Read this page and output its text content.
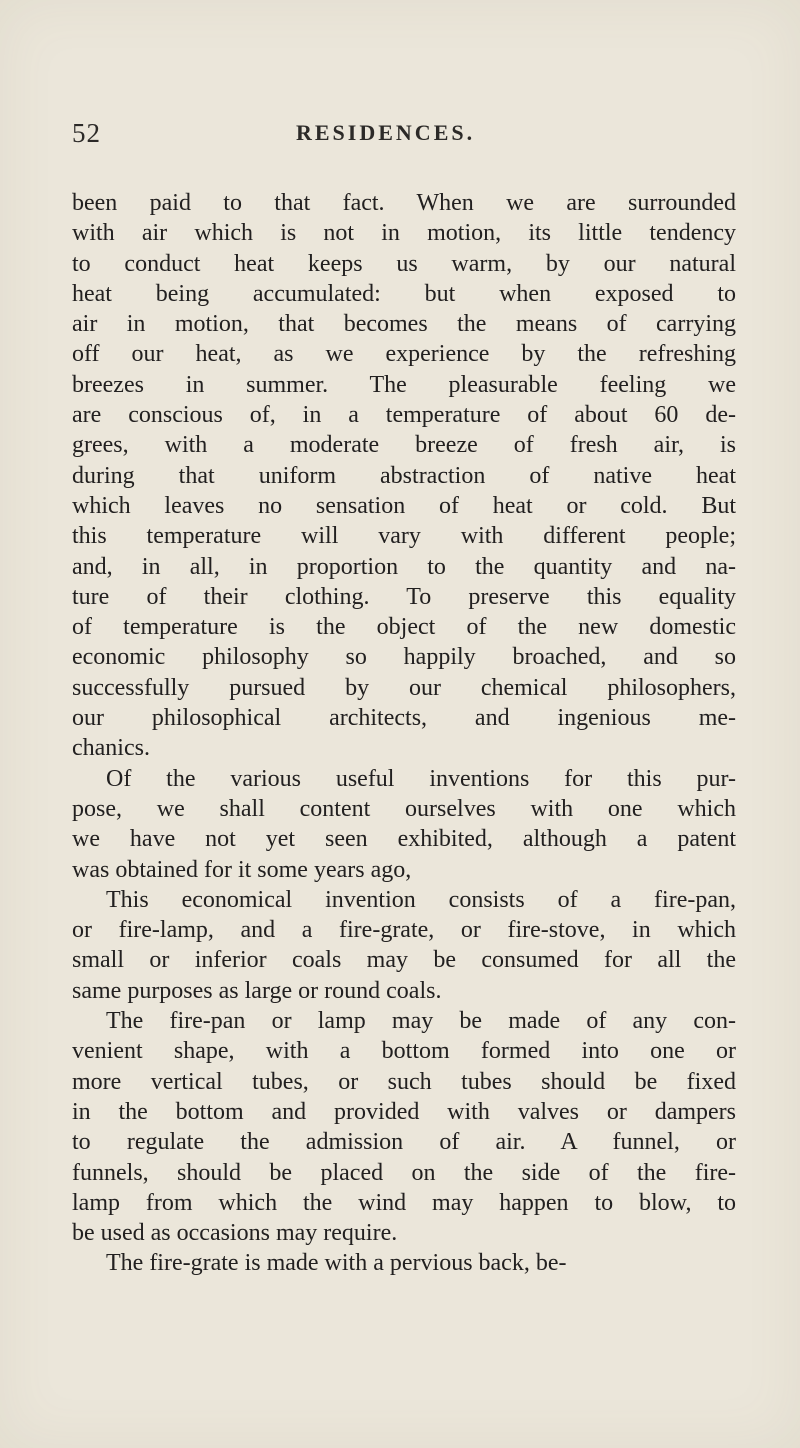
52	RESIDENCES.
been paid to that fact. When we are surrounded
with air which is not in motion, its little tendency
to conduct heat keeps us warm, by our natural
heat being accumulated: but when exposed to
air in motion, that becomes the means of carrying
off our heat, as we experience by the refreshing
breezes in summer. The pleasurable feeling we
are conscious of, in a temperature of about 60 de-
grees, with a moderate breeze of fresh air, is
during that uniform abstraction of native heat
which leaves no sensation of heat or cold. But
this temperature will vary with different people;
and, in all, in proportion to the quantity and na-
ture of their clothing. To preserve this equality
of temperature is the object of the new domestic
economic philosophy so happily broached, and so
successfully pursued by our chemical philosophers,
our philosophical architects, and ingenious me-
chanics.
Of the various useful inventions for this pur-
pose, we shall content ourselves with one which
we have not yet seen exhibited, although a patent
was obtained for it some years ago,
This economical invention consists of a fire-pan,
or fire-lamp, and a fire-grate, or fire-stove, in which
small or inferior coals may be consumed for all the
same purposes as large or round coals.
The fire-pan or lamp may be made of any con-
venient shape, with a bottom formed into one or
more vertical tubes, or such tubes should be fixed
in the bottom and provided with valves or dampers
to regulate the admission of air. A funnel, or
funnels, should be placed on the side of the fire-
lamp from which the wind may happen to blow, to
be used as occasions may require.
The fire-grate is made with a pervious back, be-
